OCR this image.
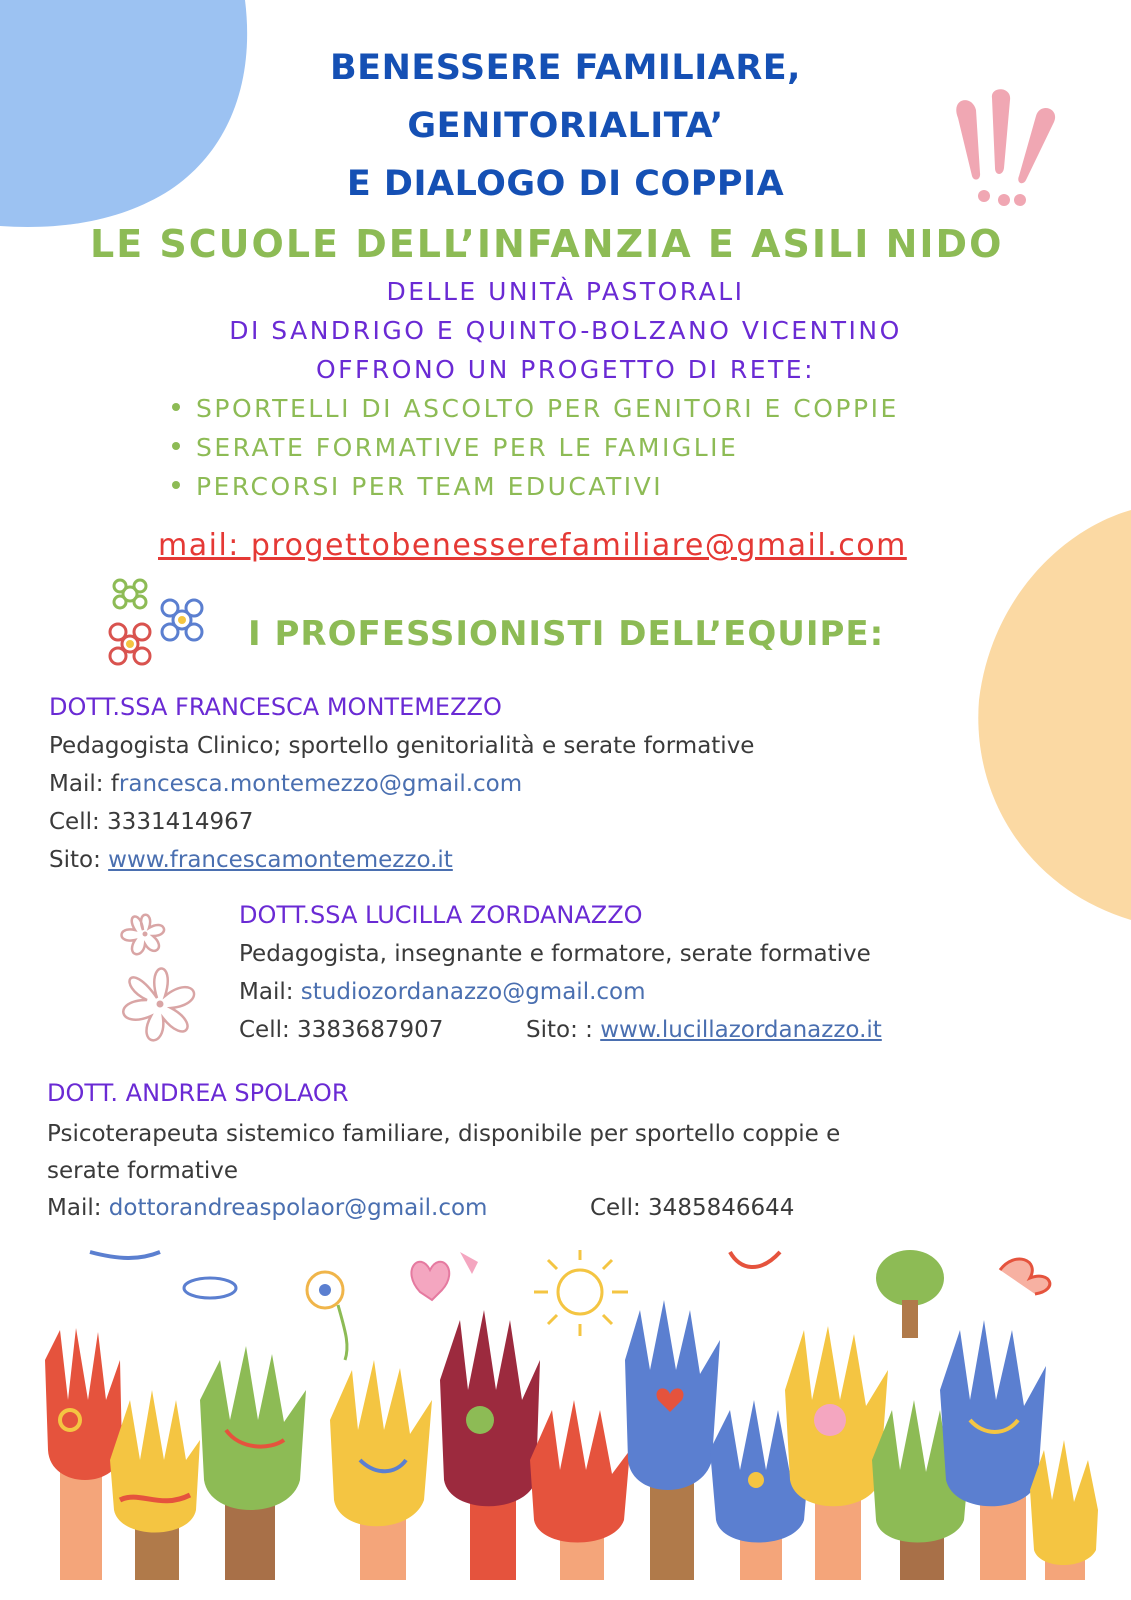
BENESSERE FAMILIARE,
GENITORIALITA’
E DIALOGO DI COPPIA
LE SCUOLE DELL’INFANZIA E ASILI NIDO
DELLE UNITÀ PASTORALI
DI SANDRIGO E QUINTO-BOLZANO VICENTINO
OFFRONO UN PROGETTO DI RETE:
SPORTELLI DI ASCOLTO PER GENITORI E COPPIE
SERATE FORMATIVE PER LE FAMIGLIE
PERCORSI PER TEAM EDUCATIVI
mail: progettobenesserefamiliare@gmail.com
I PROFESSIONISTI DELL’EQUIPE:
DOTT.SSA FRANCESCA MONTEMEZZO
Pedagogista Clinico; sportello genitorialità e serate formative
Mail: francesca.montemezzo@gmail.com
Cell: 3331414967
Sito: www.francescamontemezzo.it
DOTT.SSA LUCILLA ZORDANAZZO
Pedagogista, insegnante e formatore, serate formative
Mail: studiozordanazzo@gmail.com
Cell: 3383687907	Sito: : www.lucillazordanazzo.it
DOTT. ANDREA SPOLAOR
Psicoterapeuta sistemico familiare, disponibile per sportello coppie e
serate formative
Mail: dottorandreaspolaor@gmail.com	Cell: 3485846644
